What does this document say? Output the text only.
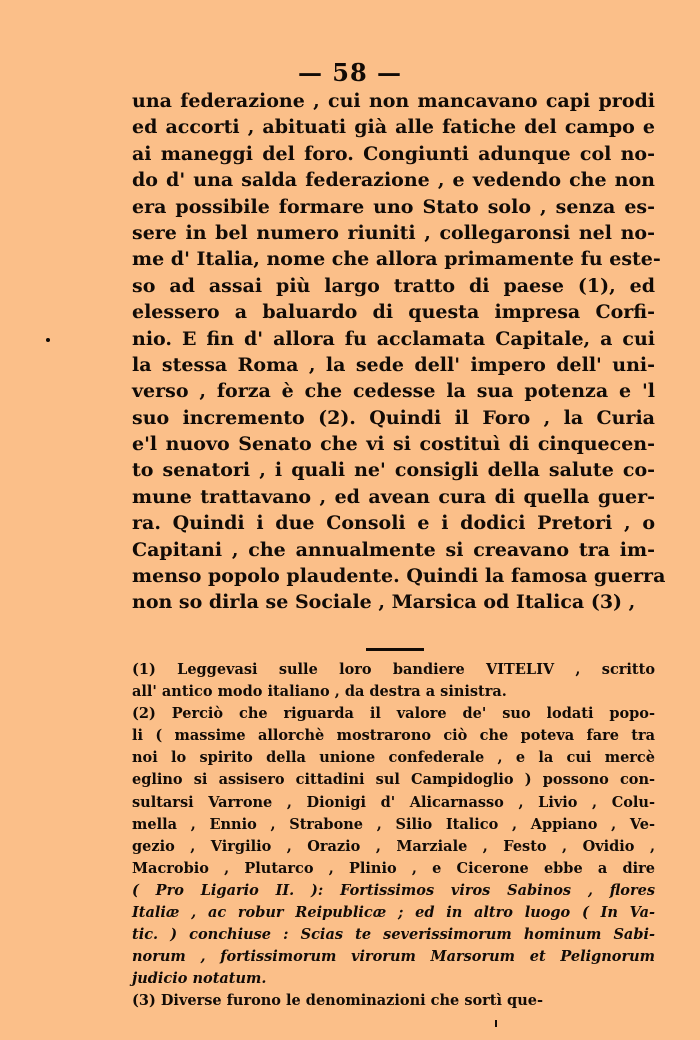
— 58 —
una federazione , cui non mancavano capi prodi
ed accorti , abituati già alle fatiche del campo e
ai maneggi del foro. Congiunti adunque col no-
do d' una salda federazione , e vedendo che non
era possibile formare uno Stato solo , senza es-
sere in bel numero riuniti , collegaronsi nel no-
me d' Italia, nome che allora primamente fu este-
so ad assai più largo tratto di paese (1), ed
elessero a baluardo di questa impresa Corfi-
nio. E fin d' allora fu acclamata Capitale, a cui
la stessa Roma , la sede dell' impero dell' uni-
verso , forza è che cedesse la sua potenza e 'l
suo incremento (2). Quindi il Foro , la Curia
e'l nuovo Senato che vi si costituì di cinquecen-
to senatori , i quali ne' consigli della salute co-
mune trattavano , ed avean cura di quella guer-
ra. Quindi i due Consoli e i dodici Pretori , o
Capitani , che annualmente si creavano tra im-
menso popolo plaudente. Quindi la famosa guerra
non so dirla se Sociale , Marsica od Italica (3) ,
(1) Leggevasi sulle loro bandiere VITELIV , scritto
all' antico modo italiano , da destra a sinistra.
(2) Perciò che riguarda il valore de' suo lodati popo-
li ( massime allorchè mostrarono ciò che poteva fare tra
noi lo spirito della unione confederale , e la cui mercè
eglino si assisero cittadini sul Campidoglio ) possono con-
sultarsi Varrone , Dionigi d' Alicarnasso , Livio , Colu-
mella , Ennio , Strabone , Silio Italico , Appiano , Ve-
gezio , Virgilio , Orazio , Marziale , Festo , Ovidio ,
Macrobio , Plutarco , Plinio , e Cicerone ebbe a dire
( Pro Ligario II. ): Fortissimos viros Sabinos , flores
Italiæ , ac robur Reipublicæ ; ed in altro luogo ( In Va-
tic. ) conchiuse : Scias te severissimorum hominum Sabi-
norum , fortissimorum virorum Marsorum et Pelignorum
judicio notatum.
(3) Diverse furono le denominazioni che sortì que-
